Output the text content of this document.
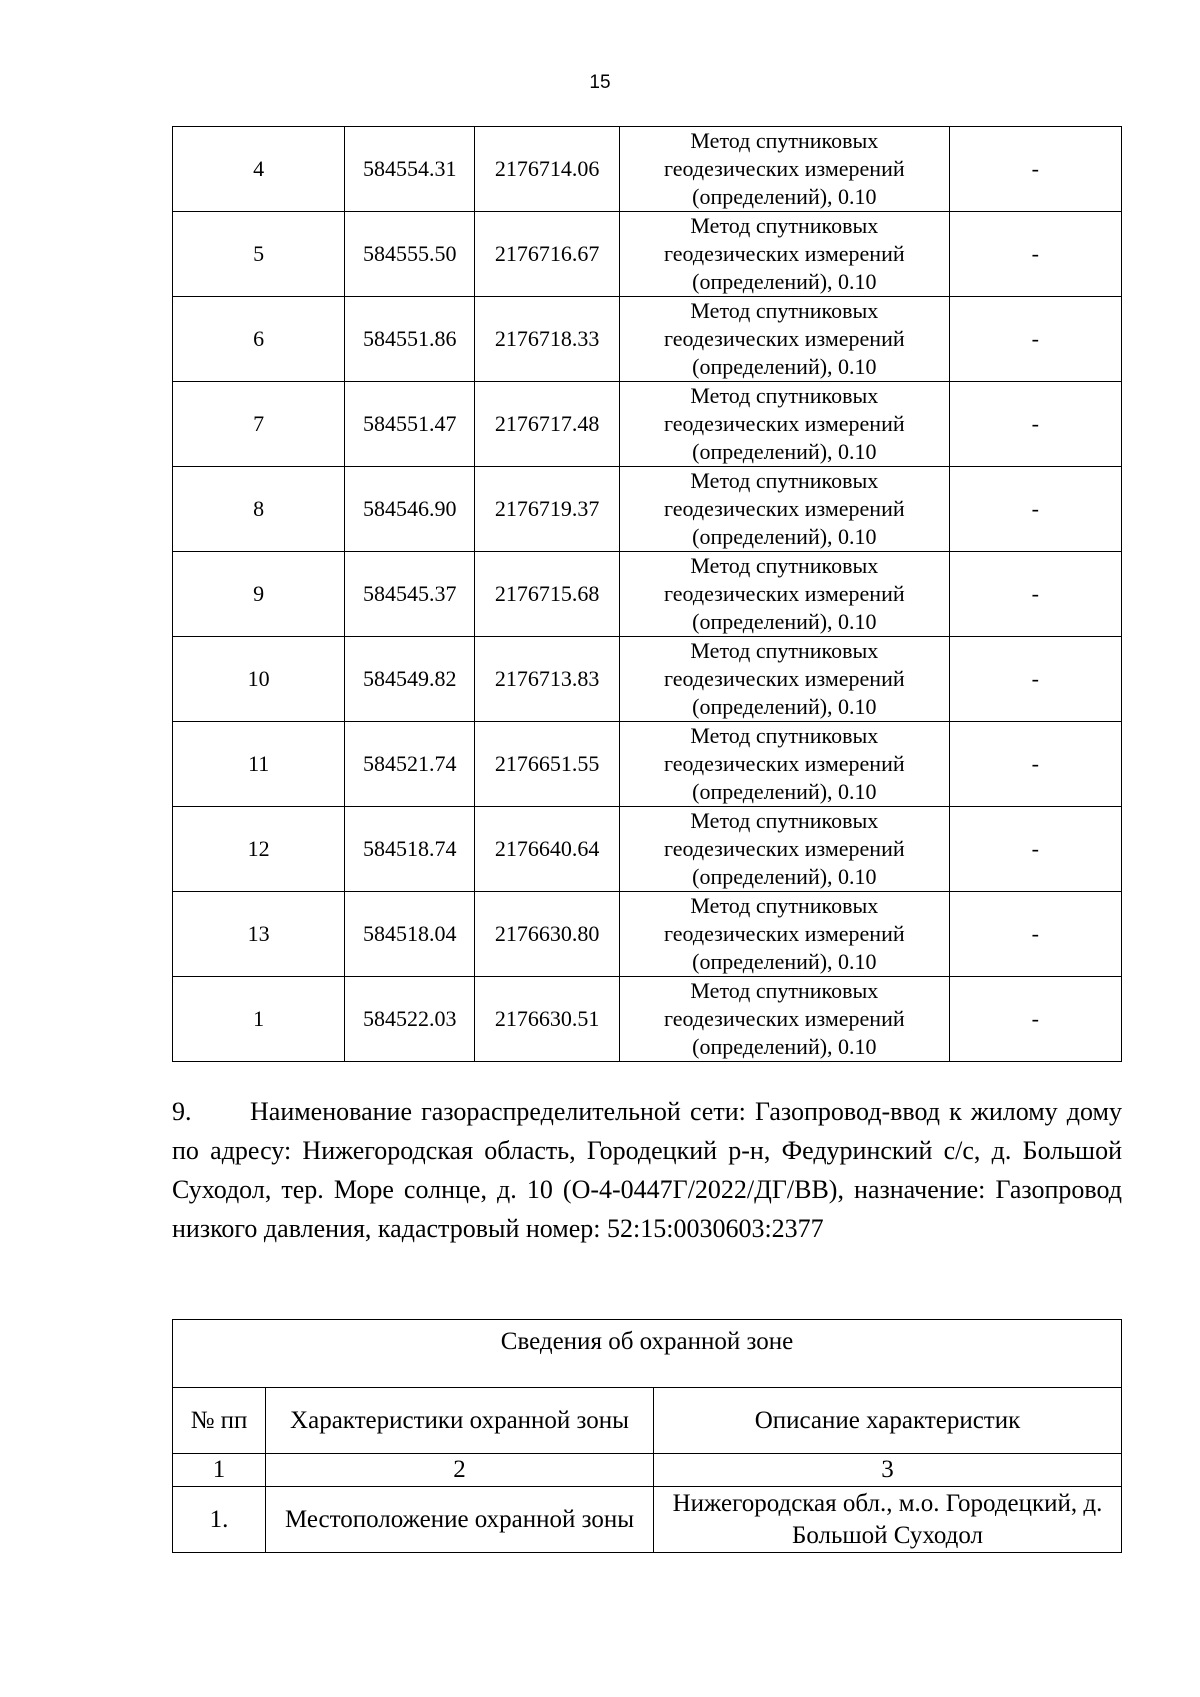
15
4	584554.31	2176714.06	Метод спутниковых
геодезических измерений
(определений), 0.10	-
5	584555.50	2176716.67	Метод спутниковых
геодезических измерений
(определений), 0.10	-
6	584551.86	2176718.33	Метод спутниковых
геодезических измерений
(определений), 0.10	-
7	584551.47	2176717.48	Метод спутниковых
геодезических измерений
(определений), 0.10	-
8	584546.90	2176719.37	Метод спутниковых
геодезических измерений
(определений), 0.10	-
9	584545.37	2176715.68	Метод спутниковых
геодезических измерений
(определений), 0.10	-
10	584549.82	2176713.83	Метод спутниковых
геодезических измерений
(определений), 0.10	-
11	584521.74	2176651.55	Метод спутниковых
геодезических измерений
(определений), 0.10	-
12	584518.74	2176640.64	Метод спутниковых
геодезических измерений
(определений), 0.10	-
13	584518.04	2176630.80	Метод спутниковых
геодезических измерений
(определений), 0.10	-
1	584522.03	2176630.51	Метод спутниковых
геодезических измерений
(определений), 0.10	-

9. Наименование газораспределительной сети: Газопровод-ввод к жилому дому по адресу: Нижегородская область, Городецкий р-н, Федуринский с/с, д. Большой Суходол, тер. Море солнце, д. 10 (О-4-0447Г/2022/ДГ/ВВ), назначение: Газопровод низкого давления, кадастровый номер: 52:15:0030603:2377

Сведения об охранной зоне		
№ пп	Характеристики охранной зоны	Описание характеристик
1	2	3
1.	Местоположение охранной зоны	Нижегородская обл., м.о. Городецкий, д. Большой Суходол
